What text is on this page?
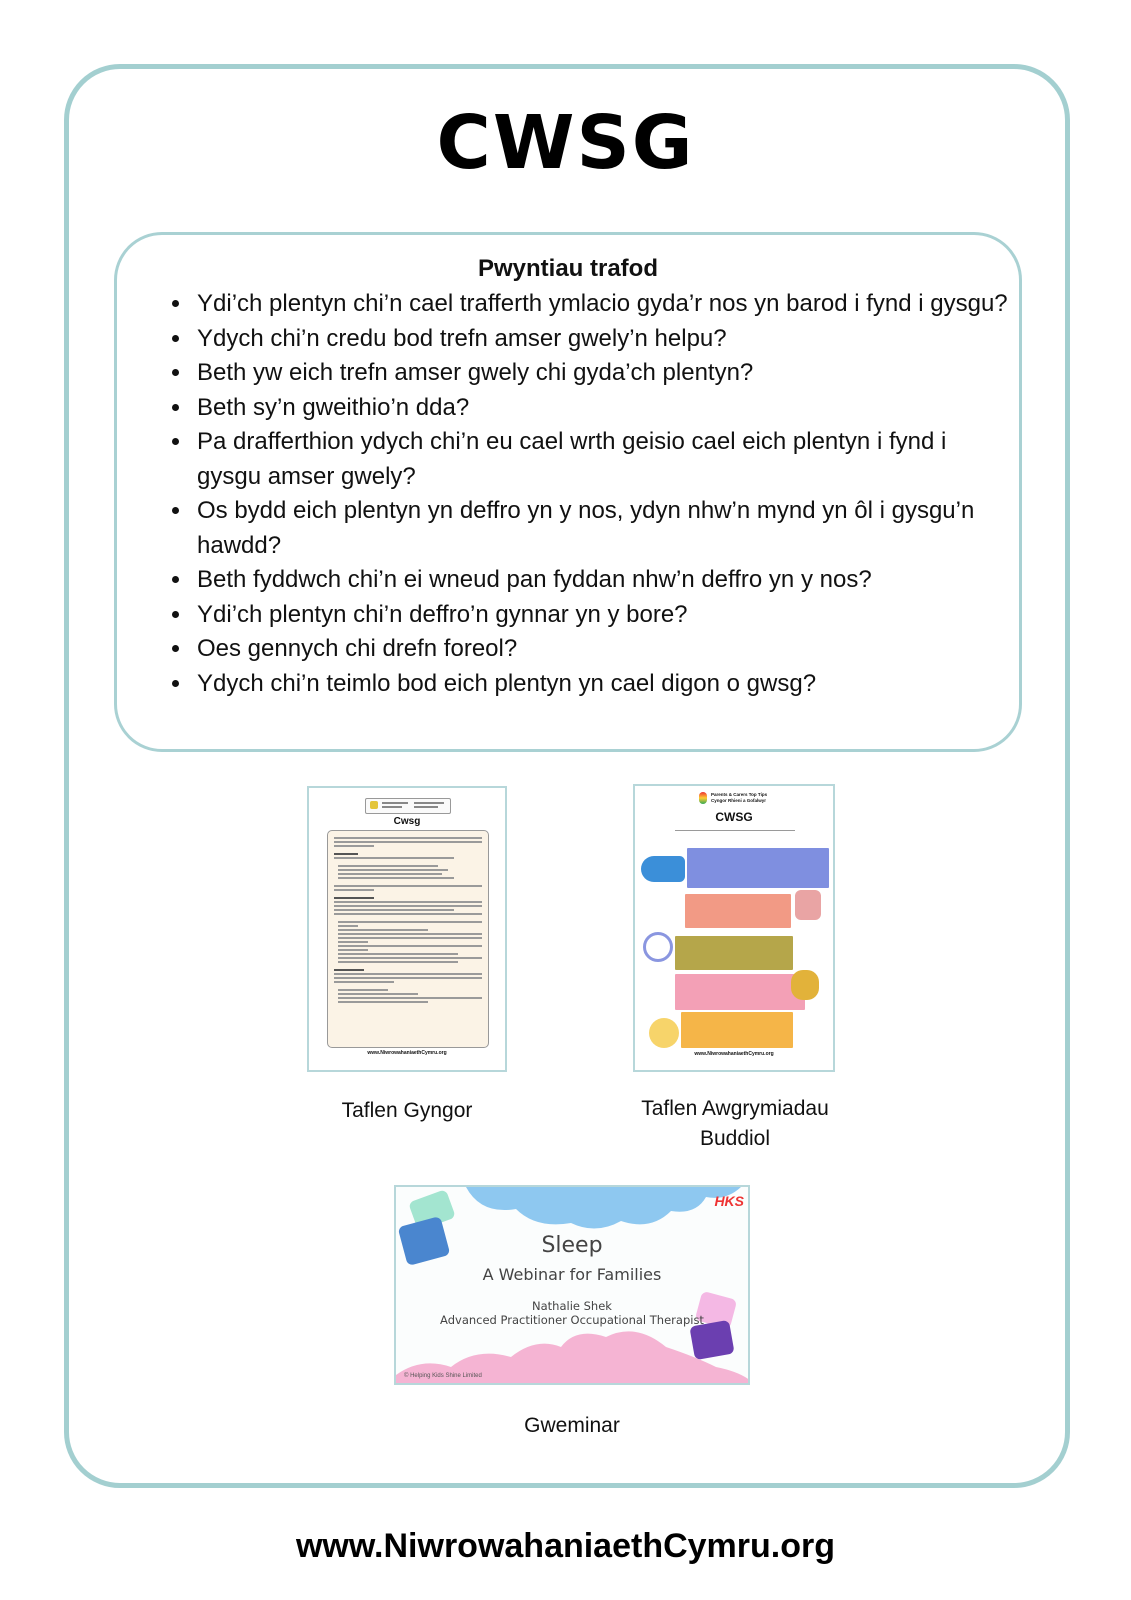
CWSG
Pwyntiau trafod
• Ydi’ch plentyn chi’n cael trafferth ymlacio gyda’r nos yn barod i fynd i gysgu?
• Ydych chi’n credu bod trefn amser gwely’n helpu?
• Beth yw eich trefn amser gwely chi gyda’ch plentyn?
• Beth sy’n gweithio’n dda?
• Pa drafferthion ydych chi’n eu cael wrth geisio cael eich plentyn i fynd i gysgu amser gwely?
• Os bydd eich plentyn yn deffro yn y nos, ydyn nhw’n mynd yn ôl i gysgu’n hawdd?
• Beth fyddwch chi’n ei wneud pan fyddan nhw’n deffro yn y nos?
• Ydi’ch plentyn chi’n deffro’n gynnar yn y bore?
• Oes gennych chi drefn foreol?
• Ydych chi’n teimlo bod eich plentyn yn cael digon o gwsg?
Cwsg
www.NiwrowahaniaethCymru.org
Taflen Gyngor
Parents & Carers Top Tips
Cyngor Rhieni a Gofalwyr
CWSG
www.NiwrowahaniaethCymru.org
Taflen Awgrymiadau
Buddiol
HKS
Sleep
A Webinar for Families
Nathalie Shek
Advanced Practitioner Occupational Therapist
© Helping Kids Shine Limited
Gweminar
www.NiwrowahaniaethCymru.org
